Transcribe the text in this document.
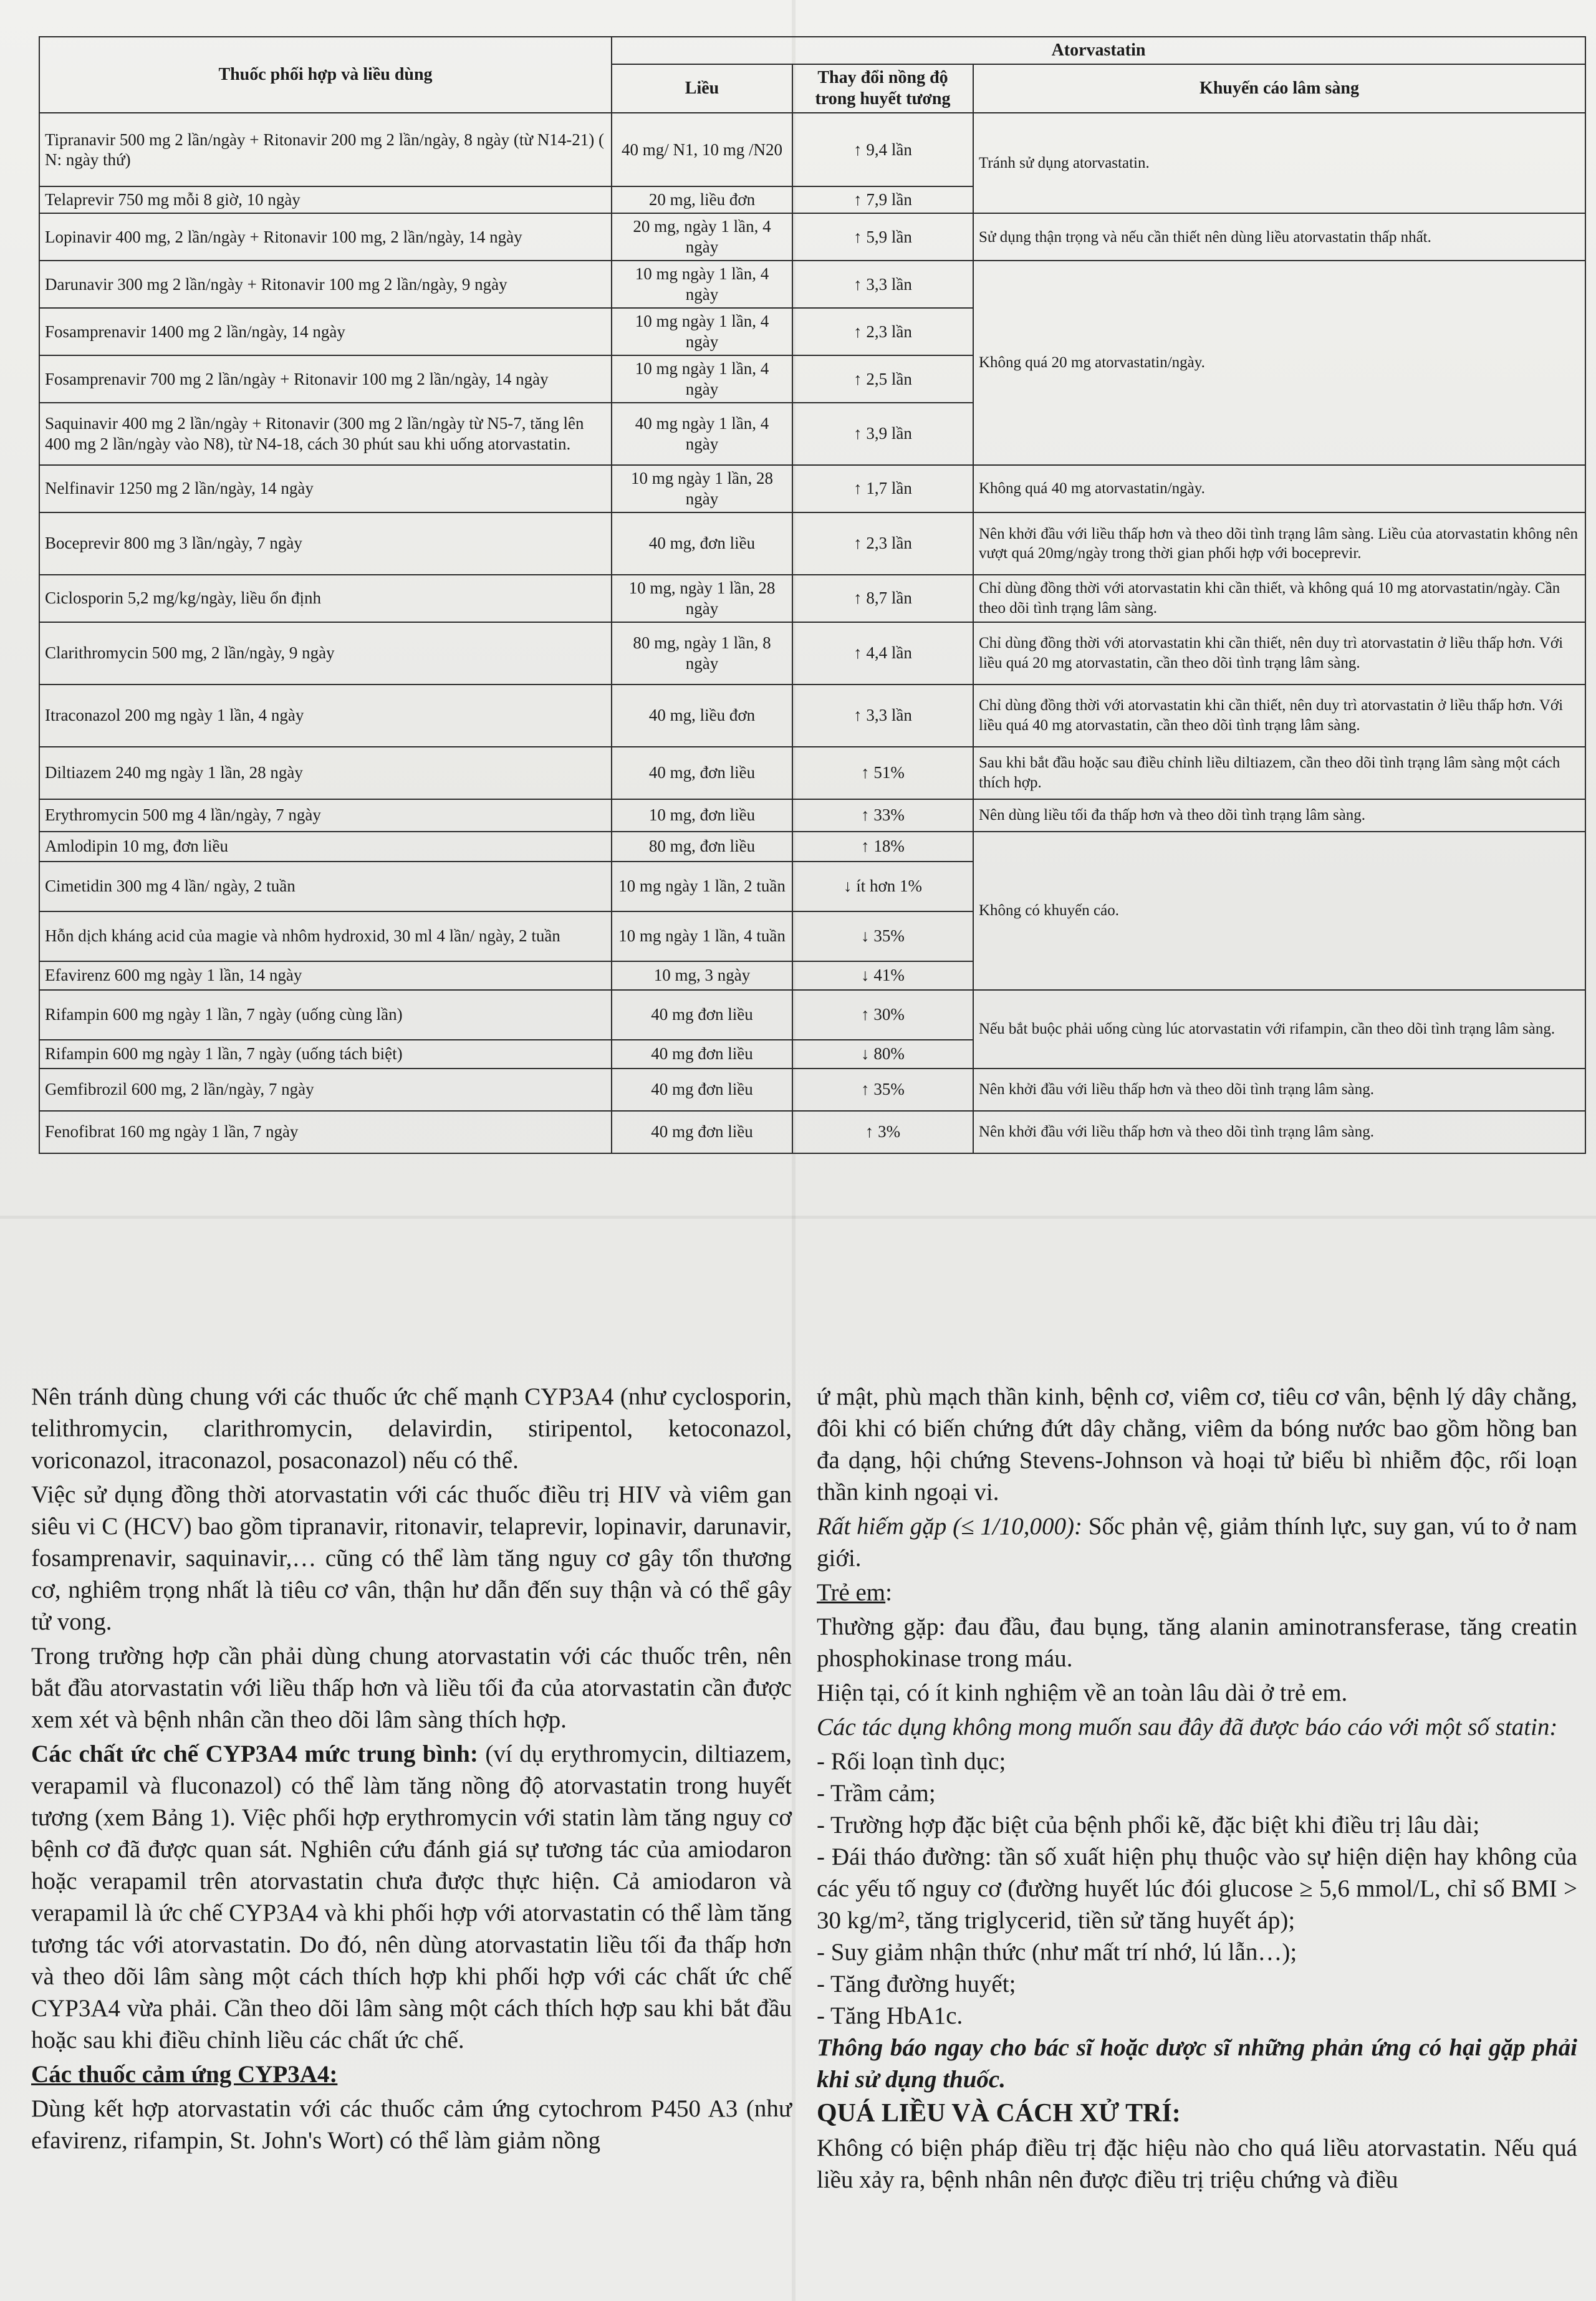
Thuốc phối hợp và liều dùng	Atorvastatin		
	Liều	Thay đổi nồng độ trong huyết tương	Khuyến cáo lâm sàng
Tipranavir 500 mg 2 lần/ngày + Ritonavir 200 mg 2 lần/ngày, 8 ngày (từ N14-21) ( N: ngày thứ)	40 mg/ N1, 10 mg /N20	↑ 9,4 lần	Tránh sử dụng atorvastatin.
Telaprevir 750 mg mỗi 8 giờ, 10 ngày	20 mg, liều đơn	↑ 7,9 lần	
Lopinavir 400 mg, 2 lần/ngày + Ritonavir 100 mg, 2 lần/ngày, 14 ngày	20 mg, ngày 1 lần, 4 ngày	↑ 5,9 lần	Sử dụng thận trọng và nếu cần thiết nên dùng liều atorvastatin thấp nhất.
Darunavir 300 mg 2 lần/ngày + Ritonavir 100 mg 2 lần/ngày, 9 ngày	10 mg ngày 1 lần, 4 ngày	↑ 3,3 lần	Không quá 20 mg atorvastatin/ngày.
Fosamprenavir 1400 mg 2 lần/ngày, 14 ngày	10 mg ngày 1 lần, 4 ngày	↑ 2,3 lần	
Fosamprenavir 700 mg 2 lần/ngày + Ritonavir 100 mg 2 lần/ngày, 14 ngày	10 mg ngày 1 lần, 4 ngày	↑ 2,5 lần	
Saquinavir 400 mg 2 lần/ngày + Ritonavir (300 mg 2 lần/ngày từ N5-7, tăng lên 400 mg 2 lần/ngày vào N8), từ N4-18, cách 30 phút sau khi uống atorvastatin.	40 mg ngày 1 lần, 4 ngày	↑ 3,9 lần	
Nelfinavir 1250 mg 2 lần/ngày, 14 ngày	10 mg ngày 1 lần, 28 ngày	↑ 1,7 lần	Không quá 40 mg atorvastatin/ngày.
Boceprevir 800 mg 3 lần/ngày, 7 ngày	40 mg, đơn liều	↑ 2,3 lần	Nên khởi đầu với liều thấp hơn và theo dõi tình trạng lâm sàng. Liều của atorvastatin không nên vượt quá 20mg/ngày trong thời gian phối hợp với boceprevir.
Ciclosporin 5,2 mg/kg/ngày, liều ổn định	10 mg, ngày 1 lần, 28 ngày	↑ 8,7 lần	Chỉ dùng đồng thời với atorvastatin khi cần thiết, và không quá 10 mg atorvastatin/ngày. Cần theo dõi tình trạng lâm sàng.
Clarithromycin 500 mg, 2 lần/ngày, 9 ngày	80 mg, ngày 1 lần, 8 ngày	↑ 4,4 lần	Chỉ dùng đồng thời với atorvastatin khi cần thiết, nên duy trì atorvastatin ở liều thấp hơn. Với liều quá 20 mg atorvastatin, cần theo dõi tình trạng lâm sàng.
Itraconazol 200 mg ngày 1 lần, 4 ngày	40 mg, liều đơn	↑ 3,3 lần	Chỉ dùng đồng thời với atorvastatin khi cần thiết, nên duy trì atorvastatin ở liều thấp hơn. Với liều quá 40 mg atorvastatin, cần theo dõi tình trạng lâm sàng.
Diltiazem 240 mg ngày 1 lần, 28 ngày	40 mg, đơn liều	↑ 51%	Sau khi bắt đầu hoặc sau điều chỉnh liều diltiazem, cần theo dõi tình trạng lâm sàng một cách thích hợp.
Erythromycin 500 mg 4 lần/ngày, 7 ngày	10 mg, đơn liều	↑ 33%	Nên dùng liều tối đa thấp hơn và theo dõi tình trạng lâm sàng.
Amlodipin 10 mg, đơn liều	80 mg, đơn liều	↑ 18%	Không có khuyến cáo.
Cimetidin 300 mg 4 lần/ ngày, 2 tuần	10 mg ngày 1 lần, 2 tuần	↓ ít hơn 1%	
Hỗn dịch kháng acid của magie và nhôm hydroxid, 30 ml 4 lần/ ngày, 2 tuần	10 mg ngày 1 lần, 4 tuần	↓ 35%	
Efavirenz 600 mg ngày 1 lần, 14 ngày	10 mg, 3 ngày	↓ 41%	
Rifampin 600 mg ngày 1 lần, 7 ngày (uống cùng lần)	40 mg đơn liều	↑ 30%	Nếu bắt buộc phải uống cùng lúc atorvastatin với rifampin, cần theo dõi tình trạng lâm sàng.
Rifampin 600 mg ngày 1 lần, 7 ngày (uống tách biệt)	40 mg đơn liều	↓ 80%	
Gemfibrozil 600 mg, 2 lần/ngày, 7 ngày	40 mg đơn liều	↑ 35%	Nên khởi đầu với liều thấp hơn và theo dõi tình trạng lâm sàng.
Fenofibrat 160 mg ngày 1 lần, 7 ngày	40 mg đơn liều	↑ 3%	Nên khởi đầu với liều thấp hơn và theo dõi tình trạng lâm sàng.

Nên tránh dùng chung với các thuốc ức chế mạnh CYP3A4 (như cyclosporin, telithromycin, clarithromycin, delavirdin, stiripentol, ketoconazol, voriconazol, itraconazol, posaconazol) nếu có thể.

Việc sử dụng đồng thời atorvastatin với các thuốc điều trị HIV và viêm gan siêu vi C (HCV) bao gồm tipranavir, ritonavir, telaprevir, lopinavir, darunavir, fosamprenavir, saquinavir,… cũng có thể làm tăng nguy cơ gây tổn thương cơ, nghiêm trọng nhất là tiêu cơ vân, thận hư dẫn đến suy thận và có thể gây tử vong.

Trong trường hợp cần phải dùng chung atorvastatin với các thuốc trên, nên bắt đầu atorvastatin với liều thấp hơn và liều tối đa của atorvastatin cần được xem xét và bệnh nhân cần theo dõi lâm sàng thích hợp.

Các chất ức chế CYP3A4 mức trung bình: (ví dụ erythromycin, diltiazem, verapamil và fluconazol) có thể làm tăng nồng độ atorvastatin trong huyết tương (xem Bảng 1). Việc phối hợp erythromycin với statin làm tăng nguy cơ bệnh cơ đã được quan sát. Nghiên cứu đánh giá sự tương tác của amiodaron hoặc verapamil trên atorvastatin chưa được thực hiện. Cả amiodaron và verapamil là ức chế CYP3A4 và khi phối hợp với atorvastatin có thể làm tăng tương tác với atorvastatin. Do đó, nên dùng atorvastatin liều tối đa thấp hơn và theo dõi lâm sàng một cách thích hợp khi phối hợp với các chất ức chế CYP3A4 vừa phải. Cần theo dõi lâm sàng một cách thích hợp sau khi bắt đầu hoặc sau khi điều chỉnh liều các chất ức chế.

Các thuốc cảm ứng CYP3A4:

Dùng kết hợp atorvastatin với các thuốc cảm ứng cytochrom P450 A3 (như efavirenz, rifampin, St. John's Wort) có thể làm giảm nồng

ứ mật, phù mạch thần kinh, bệnh cơ, viêm cơ, tiêu cơ vân, bệnh lý dây chằng, đôi khi có biến chứng đứt dây chằng, viêm da bóng nước bao gồm hồng ban đa dạng, hội chứng Stevens-Johnson và hoại tử biểu bì nhiễm độc, rối loạn thần kinh ngoại vi.

Rất hiếm gặp (≤ 1/10,000): Sốc phản vệ, giảm thính lực, suy gan, vú to ở nam giới.

Trẻ em:

Thường gặp: đau đầu, đau bụng, tăng alanin aminotransferase, tăng creatin phosphokinase trong máu.

Hiện tại, có ít kinh nghiệm về an toàn lâu dài ở trẻ em.

Các tác dụng không mong muốn sau đây đã được báo cáo với một số statin:

- Rối loạn tình dục;

- Trầm cảm;

- Trường hợp đặc biệt của bệnh phổi kẽ, đặc biệt khi điều trị lâu dài;

- Đái tháo đường: tần số xuất hiện phụ thuộc vào sự hiện diện hay không của các yếu tố nguy cơ (đường huyết lúc đói glucose ≥ 5,6 mmol/L, chỉ số BMI > 30 kg/m², tăng triglycerid, tiền sử tăng huyết áp);

- Suy giảm nhận thức (như mất trí nhớ, lú lẫn…);

- Tăng đường huyết;

- Tăng HbA1c.

Thông báo ngay cho bác sĩ hoặc dược sĩ những phản ứng có hại gặp phải khi sử dụng thuốc.

QUÁ LIỀU VÀ CÁCH XỬ TRÍ:

Không có biện pháp điều trị đặc hiệu nào cho quá liều atorvastatin. Nếu quá liều xảy ra, bệnh nhân nên được điều trị triệu chứng và điều
